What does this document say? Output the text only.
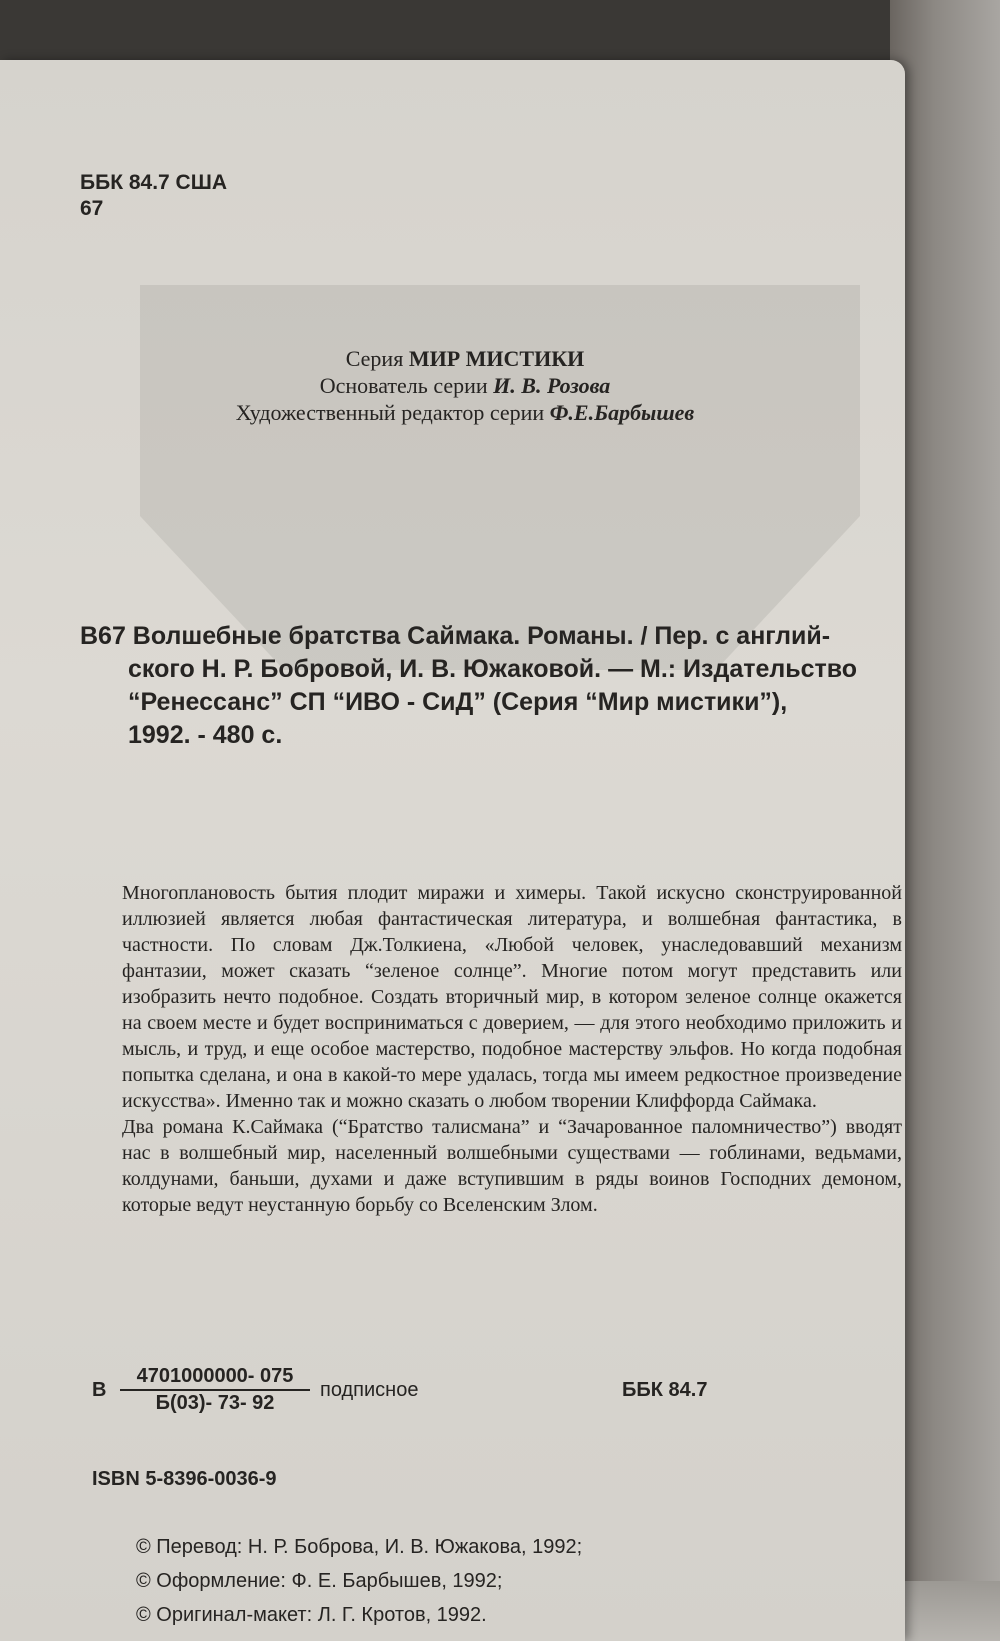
ББК 84.7 США
67
Серия МИР МИСТИКИ
Основатель серии И. В. Розова
Художественный редактор серии Ф.Е.Барбышев
В67 Волшебные братства Саймака. Романы. / Пер. с англий-
ского Н. Р. Бобровой, И. В. Южаковой. — М.: Издательство
“Ренессанс” СП “ИВО - СиД” (Серия “Мир мистики”),
1992. - 480 с.

Многоплановость бытия плодит миражи и химеры. Такой искусно сконструированной иллюзией является любая фантастическая литература, и волшебная фантастика, в частности. По словам Дж.Толкиена, «Любой человек, унаследовавший механизм фантазии, может сказать “зеленое солнце”. Многие потом могут представить или изобразить нечто подобное. Создать вторичный мир, в котором зеленое солнце окажется на своем месте и будет восприниматься с доверием, — для этого необходимо приложить и мысль, и труд, и еще особое мастерство, подобное мастерству эльфов. Но когда подобная попытка сделана, и она в какой-то мере удалась, тогда мы имеем редкостное произведение искусства». Именно так и можно сказать о любом творении Клиффорда Саймака.

Два романа К.Саймака (“Братство талисмана” и “Зачарованное паломничество”) вводят нас в волшебный мир, населенный волшебными существами — гоблинами, ведьмами, колдунами, баньши, духами и даже вступившим в ряды воинов Господних демоном, которые ведут неустанную борьбу со Вселенским Злом.

В
4701000000- 075
Б(03)- 73- 92
подписное	ББК 84.7
ISBN 5-8396-0036-9
© Перевод: Н. Р. Боброва, И. В. Южакова, 1992;
© Оформление: Ф. Е. Барбышев, 1992;
© Оригинал-макет: Л. Г. Кротов, 1992.
